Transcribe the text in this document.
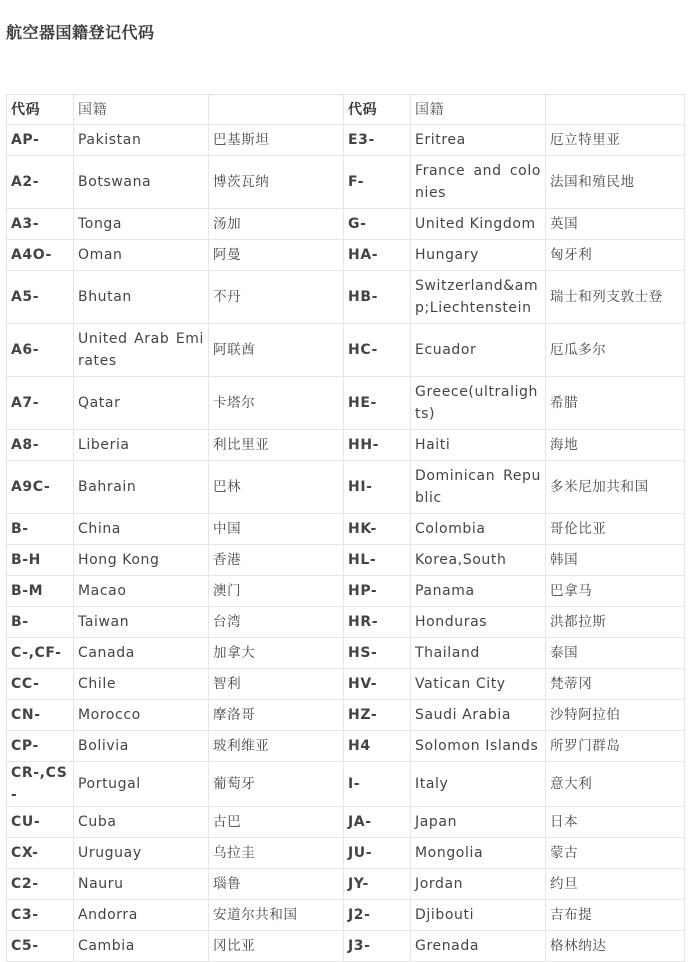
航空器国籍登记代码
代码	国籍		代码	国籍	
AP-	Pakistan	巴基斯坦	E3-	Eritrea	厄立特里亚
A2-	Botswana	博茨瓦纳	F-	France and colonies	法国和殖民地
A3-	Tonga	汤加	G-	United Kingdom	英国
A4O-	Oman	阿曼	HA-	Hungary	匈牙利
A5-	Bhutan	不丹	HB-	Switzerland&amp;Liechtenstein	瑞士和列支敦士登
A6-	United Arab Emirates	阿联酋	HC-	Ecuador	厄瓜多尔
A7-	Qatar	卡塔尔	HE-	Greece(ultralights)	希腊
A8-	Liberia	利比里亚	HH-	Haiti	海地
A9C-	Bahrain	巴林	HI-	Dominican Republic	多米尼加共和国
B-	China	中国	HK-	Colombia	哥伦比亚
B-H	Hong Kong	香港	HL-	Korea,South	韩国
B-M	Macao	澳门	HP-	Panama	巴拿马
B-	Taiwan	台湾	HR-	Honduras	洪都拉斯
C-,CF-	Canada	加拿大	HS-	Thailand	泰国
CC-	Chile	智利	HV-	Vatican City	梵蒂冈
CN-	Morocco	摩洛哥	HZ-	Saudi Arabia	沙特阿拉伯
CP-	Bolivia	玻利维亚	H4	Solomon Islands	所罗门群岛
CR-,CS-	Portugal	葡萄牙	I-	Italy	意大利
CU-	Cuba	古巴	JA-	Japan	日本
CX-	Uruguay	乌拉圭	JU-	Mongolia	蒙古
C2-	Nauru	瑙鲁	JY-	Jordan	约旦
C3-	Andorra	安道尔共和国	J2-	Djibouti	吉布提
C5-	Cambia	冈比亚	J3-	Grenada	格林纳达
